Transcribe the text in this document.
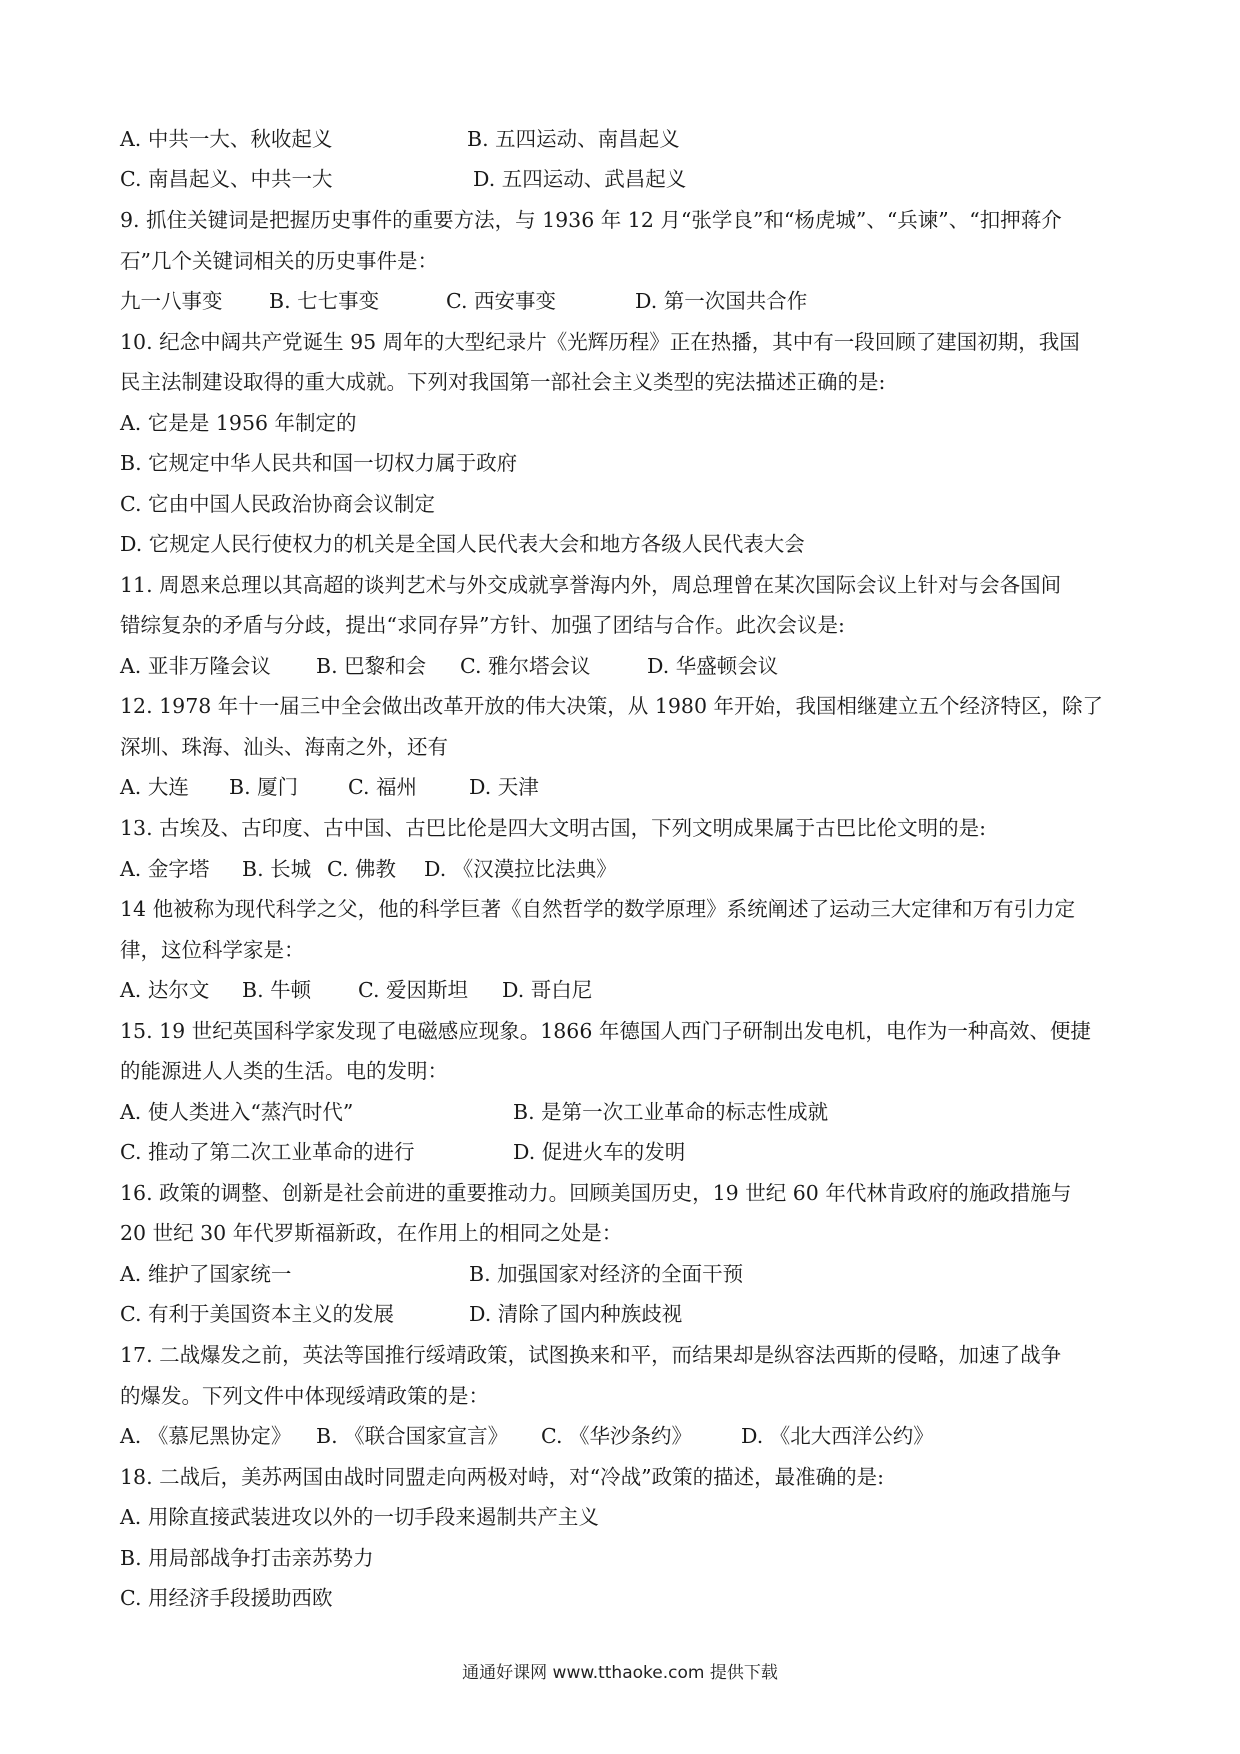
A. 中共一大、秋收起义	B. 五四运动、南昌起义
C. 南昌起义、中共一大	D. 五四运动、武昌起义
9. 抓住关键词是把握历史事件的重要方法，与 1936 年 12 月“张学良”和“杨虎城”、“兵谏”、“扣押蒋介
石”几个关键词相关的历史事件是：
九一八事变 B. 七七事变	C. 西安事变	D. 第一次国共合作
10. 纪念中阔共产党诞生 95 周年的大型纪录片《光辉历程》正在热播，其中有一段回顾了建国初期，我国
民主法制建设取得的重大成就。下列对我国第一部社会主义类型的宪法描述正确的是:
A. 它是是 1956 年制定的
B. 它规定中华人民共和国一切权力属于政府
C. 它由中国人民政治协商会议制定
D. 它规定人民行使权力的机关是全国人民代表大会和地方各级人民代表大会
11. 周恩来总理以其高超的谈判艺术与外交成就享誉海内外，周总理曾在某次国际会议上针对与会各国间
错综复杂的矛盾与分歧，提出“求同存异”方针、加强了团结与合作。此次会议是:
A. 亚非万隆会议 B. 巴黎和会 C. 雅尔塔会议	D. 华盛顿会议
12. 1978 年十一届三中全会做出改革开放的伟大决策，从 1980 年开始，我国相继建立五个经济特区，除了
深圳、珠海、汕头、海南之外，还有
A. 大连 B. 厦门 C. 福州	D. 天津
13. 古埃及、古印度、古中国、古巴比伦是四大文明古国，下列文明成果属于古巴比伦文明的是:
A. 金字塔 B. 长城 C. 佛教 D. 《汉漠拉比法典》
14 他被称为现代科学之父，他的科学巨著《自然哲学的数学原理》系统阐述了运动三大定律和万有引力定
律，这位科学家是：
A. 达尔文 B. 牛顿 C. 爱因斯坦 D. 哥白尼
15. 19 世纪英国科学家发现了电磁感应现象。1866 年德国人西门子研制出发电机，电作为一种高效、便捷
的能源进人人类的生活。电的发明：
A. 使人类进入“蒸汽时代”	B. 是第一次工业革命的标志性成就
C. 推动了第二次工业革命的进行	D. 促进火车的发明
16. 政策的调整、创新是社会前进的重要推动力。回顾美国历史，19 世纪 60 年代林肯政府的施政措施与
20 世纪 30 年代罗斯福新政，在作用上的相同之处是：
A. 维护了国家统一	B. 加强国家对经济的全面干预
C. 有利于美国资本主义的发展	D. 清除了国内种族歧视
17. 二战爆发之前，英法等国推行绥靖政策，试图换来和平，而结果却是纵容法西斯的侵略，加速了战争
的爆发。下列文件中体现绥靖政策的是：
A. 《慕尼黑协定》 B. 《联合国家宣言》 C. 《华沙条约》 D. 《北大西洋公约》
18. 二战后，美苏两国由战时同盟走向两极对峙，对“冷战”政策的描述，最准确的是:
A. 用除直接武装进攻以外的一切手段来遏制共产主义
B. 用局部战争打击亲苏势力
C. 用经济手段援助西欧
通通好课网 www.tthaoke.com 提供下载
